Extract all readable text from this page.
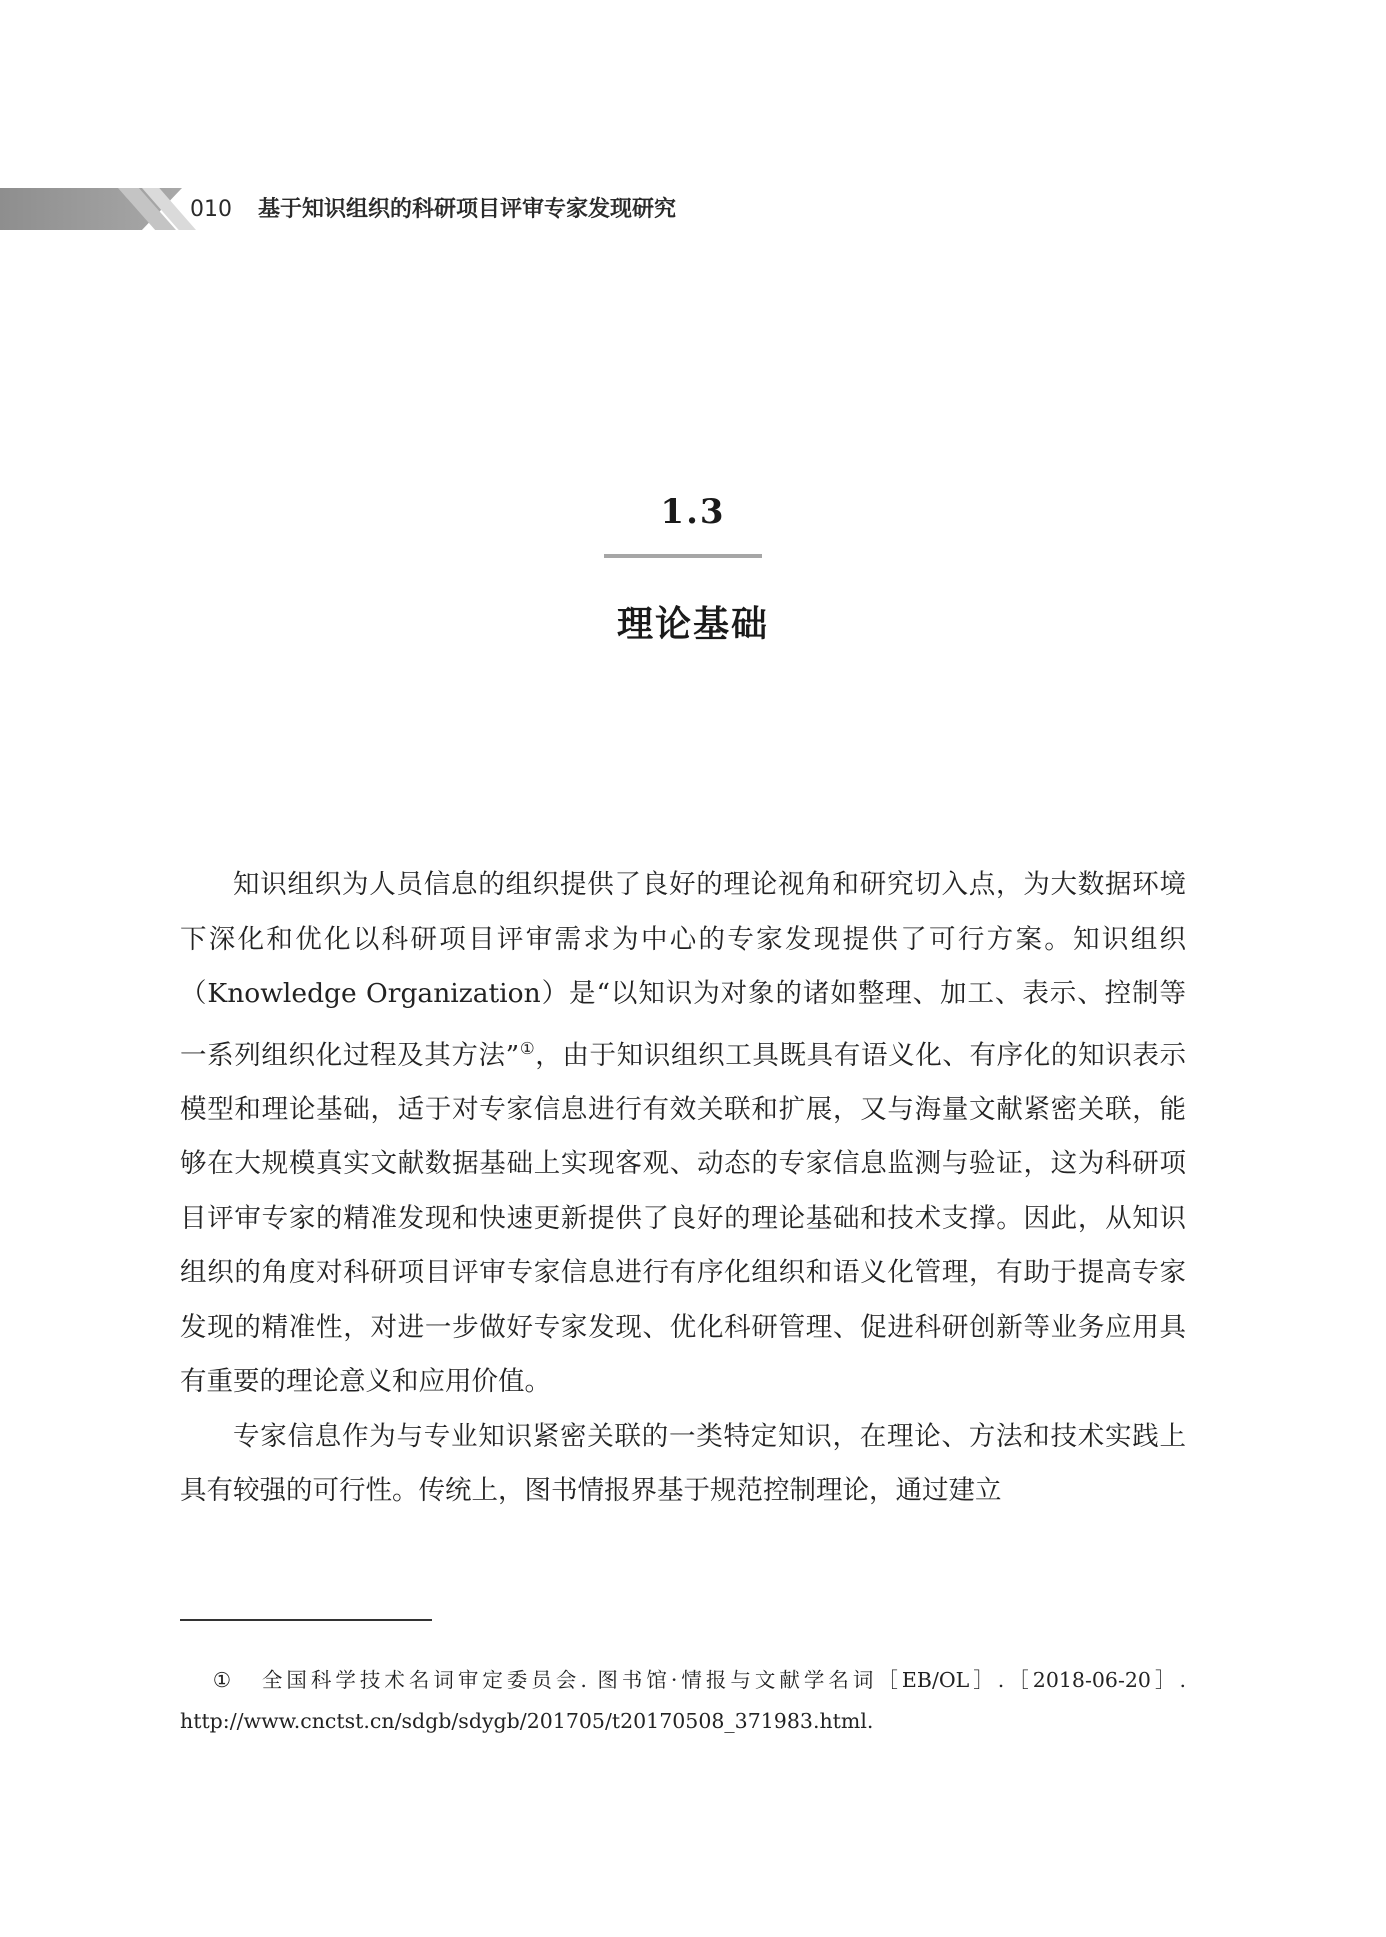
010 基于知识组织的科研项目评审专家发现研究
1.3
理论基础

知识组织为人员信息的组织提供了良好的理论视角和研究切入点，为大数据环境下深化和优化以科研项目评审需求为中心的专家发现提供了可行方案。知识组织（Knowledge Organization）是“以知识为对象的诸如整理、加工、表示、控制等一系列组织化过程及其方法”①，由于知识组织工具既具有语义化、有序化的知识表示模型和理论基础，适于对专家信息进行有效关联和扩展，又与海量文献紧密关联，能够在大规模真实文献数据基础上实现客观、动态的专家信息监测与验证，这为科研项目评审专家的精准发现和快速更新提供了良好的理论基础和技术支撑。因此，从知识组织的角度对科研项目评审专家信息进行有序化组织和语义化管理，有助于提高专家发现的精准性，对进一步做好专家发现、优化科研管理、促进科研创新等业务应用具有重要的理论意义和应用价值。

专家信息作为与专业知识紧密关联的一类特定知识，在理论、方法和技术实践上具有较强的可行性。传统上，图书情报界基于规范控制理论，通过建立

① 全国科学技术名词审定委员会. 图书馆·情报与文献学名词［EB/OL］.［2018-06-20］. http://www.cnctst.cn/sdgb/sdygb/201705/t20170508_371983.html.
